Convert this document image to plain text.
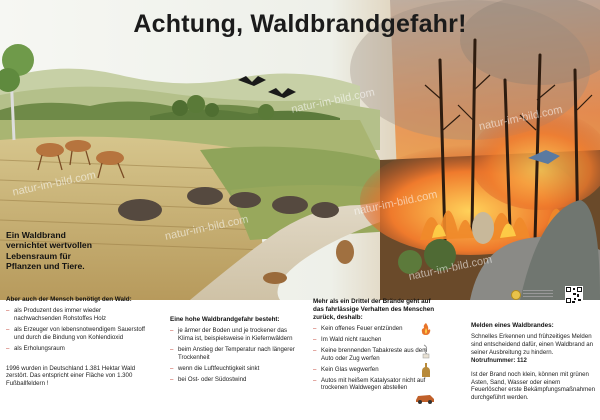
natur-im-bild.com
natur-im-bild.com
natur-im-bild.com
natur-im-bild.com
natur-im-bild.com
natur-im-bild.com
Achtung, Waldbrandgefahr!
Ein Waldbrand vernichtet wertvollen Lebensraum für Pflanzen und Tiere.
Aber auch der Mensch benötigt den Wald:
– als Produzent des immer wieder nachwachsenden Rohstoffes Holz
– als Erzeuger von lebensnotwendigem Sauerstoff und durch die Bindung von Kohlendioxid
– als Erholungsraum

1996 wurden in Deutschland 1.381 Hektar Wald zerstört. Das entspricht einer Fläche von 1.300 Fußballfeldern !

Eine hohe Waldbrandgefahr besteht:
– je ärmer der Boden und je trockener das Klima ist, beispielsweise in Kiefernwäldern
– beim Anstieg der Temperatur nach längerer Trockenheit
– wenn die Luftfeuchtigkeit sinkt
– bei Ost- oder Südostwind
Mehr als ein Drittel der Brände geht auf das fahrlässige Verhalten des Menschen zurück, deshalb:
– Kein offenes Feuer entzünden
– Im Wald nicht rauchen
– Keine brennenden Tabakreste aus dem Auto oder Zug werfen
– Kein Glas wegwerfen
– Autos mit heißem Katalysator nicht auf trockenen Waldwegen abstellen
Melden eines Waldbrandes:

Schnelles Erkennen und frühzeitiges Melden sind entscheidend dafür, einen Waldbrand an seiner Ausbreitung zu hindern. Notrufnummer: 112

Ist der Brand noch klein, können mit grünen Asten, Sand, Wasser oder einem Feuerlöscher erste Bekämpfungsmaßnahmen durchgeführt werden.
